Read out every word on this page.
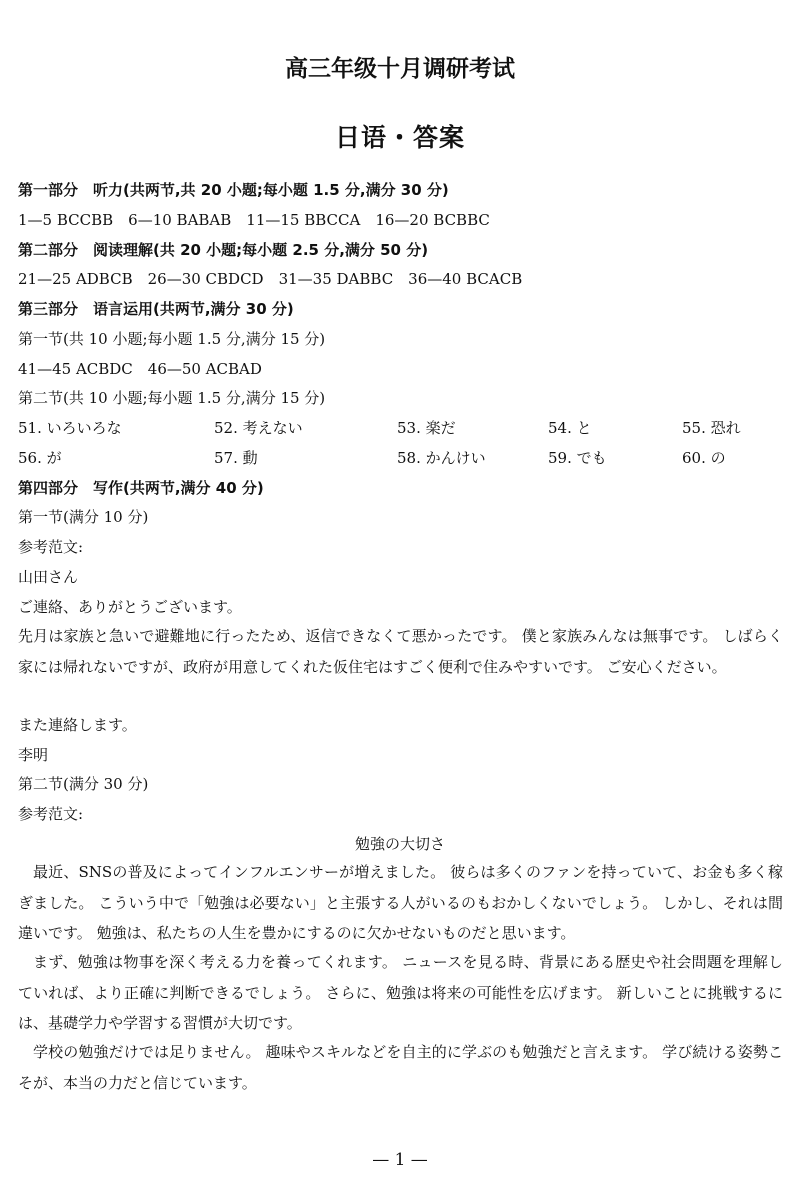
高三年级十月调研考试
日语・答案
第一部分　听力(共两节,共 20 小题;每小题 1.5 分,满分 30 分)
1—5 BCCBB　6—10 BABAB　11—15 BBCCA　16—20 BCBBC
第二部分　阅读理解(共 20 小题;每小题 2.5 分,满分 50 分)
21—25 ADBCB　26—30 CBDCD　31—35 DABBC　36—40 BCACB
第三部分　语言运用(共两节,满分 30 分)
第一节(共 10 小题;每小题 1.5 分,满分 15 分)
41—45 ACBDC　46—50 ACBAD
第二节(共 10 小题;每小题 1.5 分,满分 15 分)
51. いろいろな	52. 考えない	53. 楽だ	54. と	55. 恐れ
56. が	57. 動	58. かんけい	59. でも	60. の
第四部分　写作(共两节,满分 40 分)
第一节(满分 10 分)
参考范文:
山田さん
ご連絡、ありがとうございます。
先月は家族と急いで避難地に行ったため、返信できなくて悪かったです。 僕と家族みんなは無事です。 しばらく家には帰れないですが、政府が用意してくれた仮住宅はすごく便利で住みやすいです。 ご安心ください。
また連絡します。
李明
第二节(满分 30 分)
参考范文:
勉強の大切さ
最近、SNSの普及によってインフルエンサーが増えました。 彼らは多くのファンを持っていて、お金も多く稼ぎました。 こういう中で「勉強は必要ない」と主張する人がいるのもおかしくないでしょう。 しかし、それは間違いです。 勉強は、私たちの人生を豊かにするのに欠かせないものだと思います。
まず、勉強は物事を深く考える力を養ってくれます。 ニュースを見る時、背景にある歴史や社会問題を理解していれば、より正確に判断できるでしょう。 さらに、勉強は将来の可能性を広げます。 新しいことに挑戦するには、基礎学力や学習する習慣が大切です。
学校の勉強だけでは足りません。 趣味やスキルなどを自主的に学ぶのも勉強だと言えます。 学び続ける姿勢こそが、本当の力だと信じています。
— 1 —
